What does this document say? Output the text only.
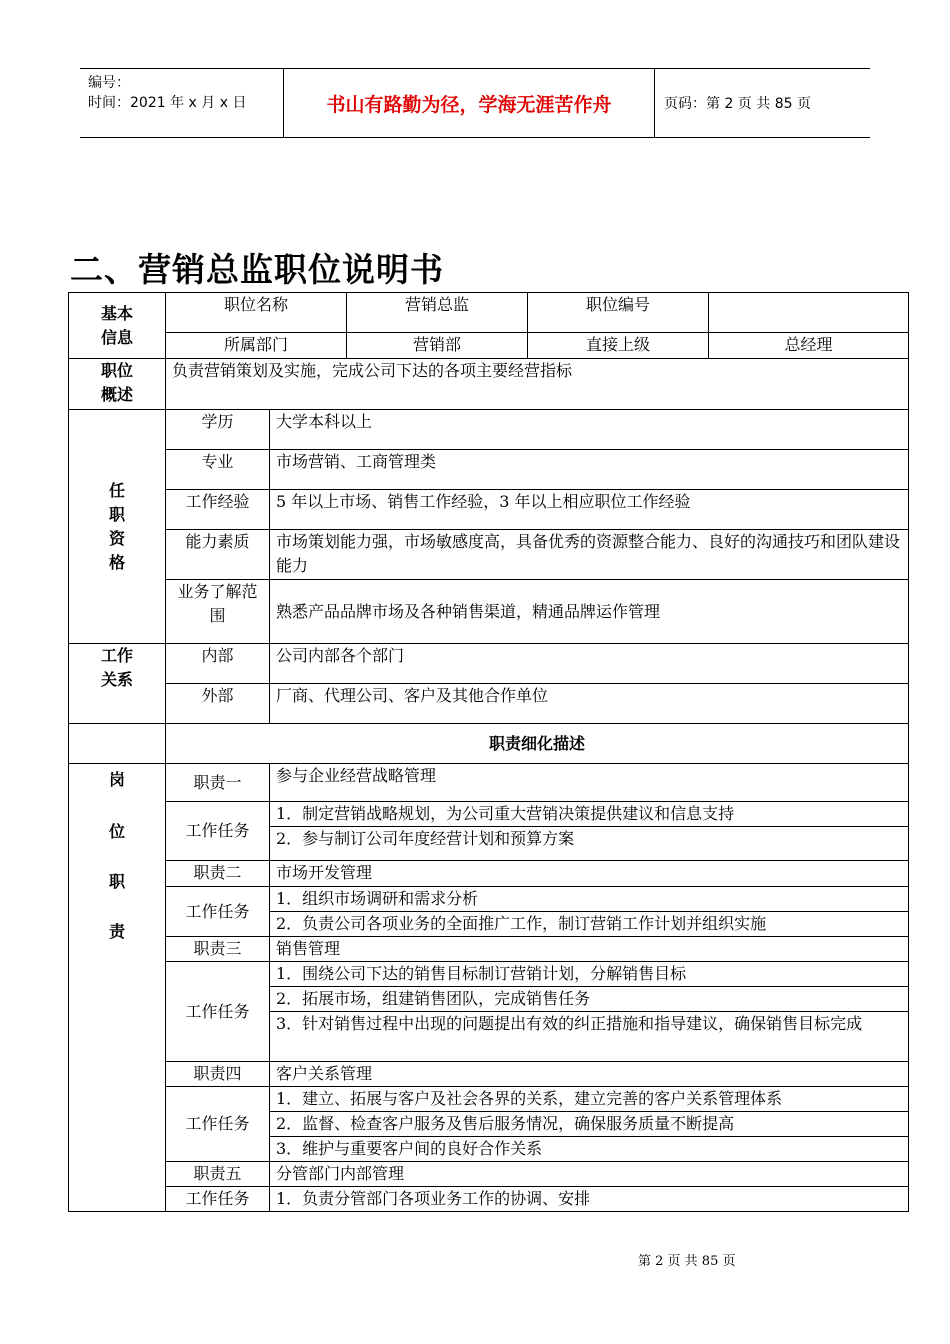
编号：
时间：2021 年 x 月 x 日	书山有路勤为径，学海无涯苦作舟	页码：第 2 页 共 85 页
二、营销总监职位说明书
基本
信息	职位名称		营销总监	职位编号	
	所属部门		营销部	直接上级	总经理

职位
概述	负责营销策划及实施，完成公司下达的各项主要经营指标				

任
职
资
格	学历	大学本科以上			
	专业	市场营销、工商管理类			
	工作经验	5 年以上市场、销售工作经验，3 年以上相应职位工作经验			
	能力素质	市场策划能力强，市场敏感度高，具备优秀的资源整合能力、良好的沟通技巧和团队建设能力			
	业务了解范围	熟悉产品品牌市场及各种销售渠道，精通品牌运作管理			

工作
关系	内部	公司内部各个部门			
	外部	厂商、代理公司、客户及其他合作单位			
	职责细化描述				

岗
位
职
责	职责一	参与企业经营战略管理			
	工作任务	1．制定营销战略规划，为公司重大营销决策提供建议和信息支持			
		2．参与制订公司年度经营计划和预算方案			
	职责二	市场开发管理			
	工作任务	1．组织市场调研和需求分析			
		2．负责公司各项业务的全面推广工作，制订营销工作计划并组织实施			
	职责三	销售管理			
	工作任务	1．围绕公司下达的销售目标制订营销计划，分解销售目标			
		2．拓展市场，组建销售团队，完成销售任务			
		3．针对销售过程中出现的问题提出有效的纠正措施和指导建议，确保销售目标完成			
	职责四	客户关系管理			
	工作任务	1．建立、拓展与客户及社会各界的关系，建立完善的客户关系管理体系			
		2．监督、检查客户服务及售后服务情况，确保服务质量不断提高			
		3．维护与重要客户间的良好合作关系			
	职责五	分管部门内部管理			
	工作任务	1．负责分管部门各项业务工作的协调、安排			
第 2 页 共 85 页
